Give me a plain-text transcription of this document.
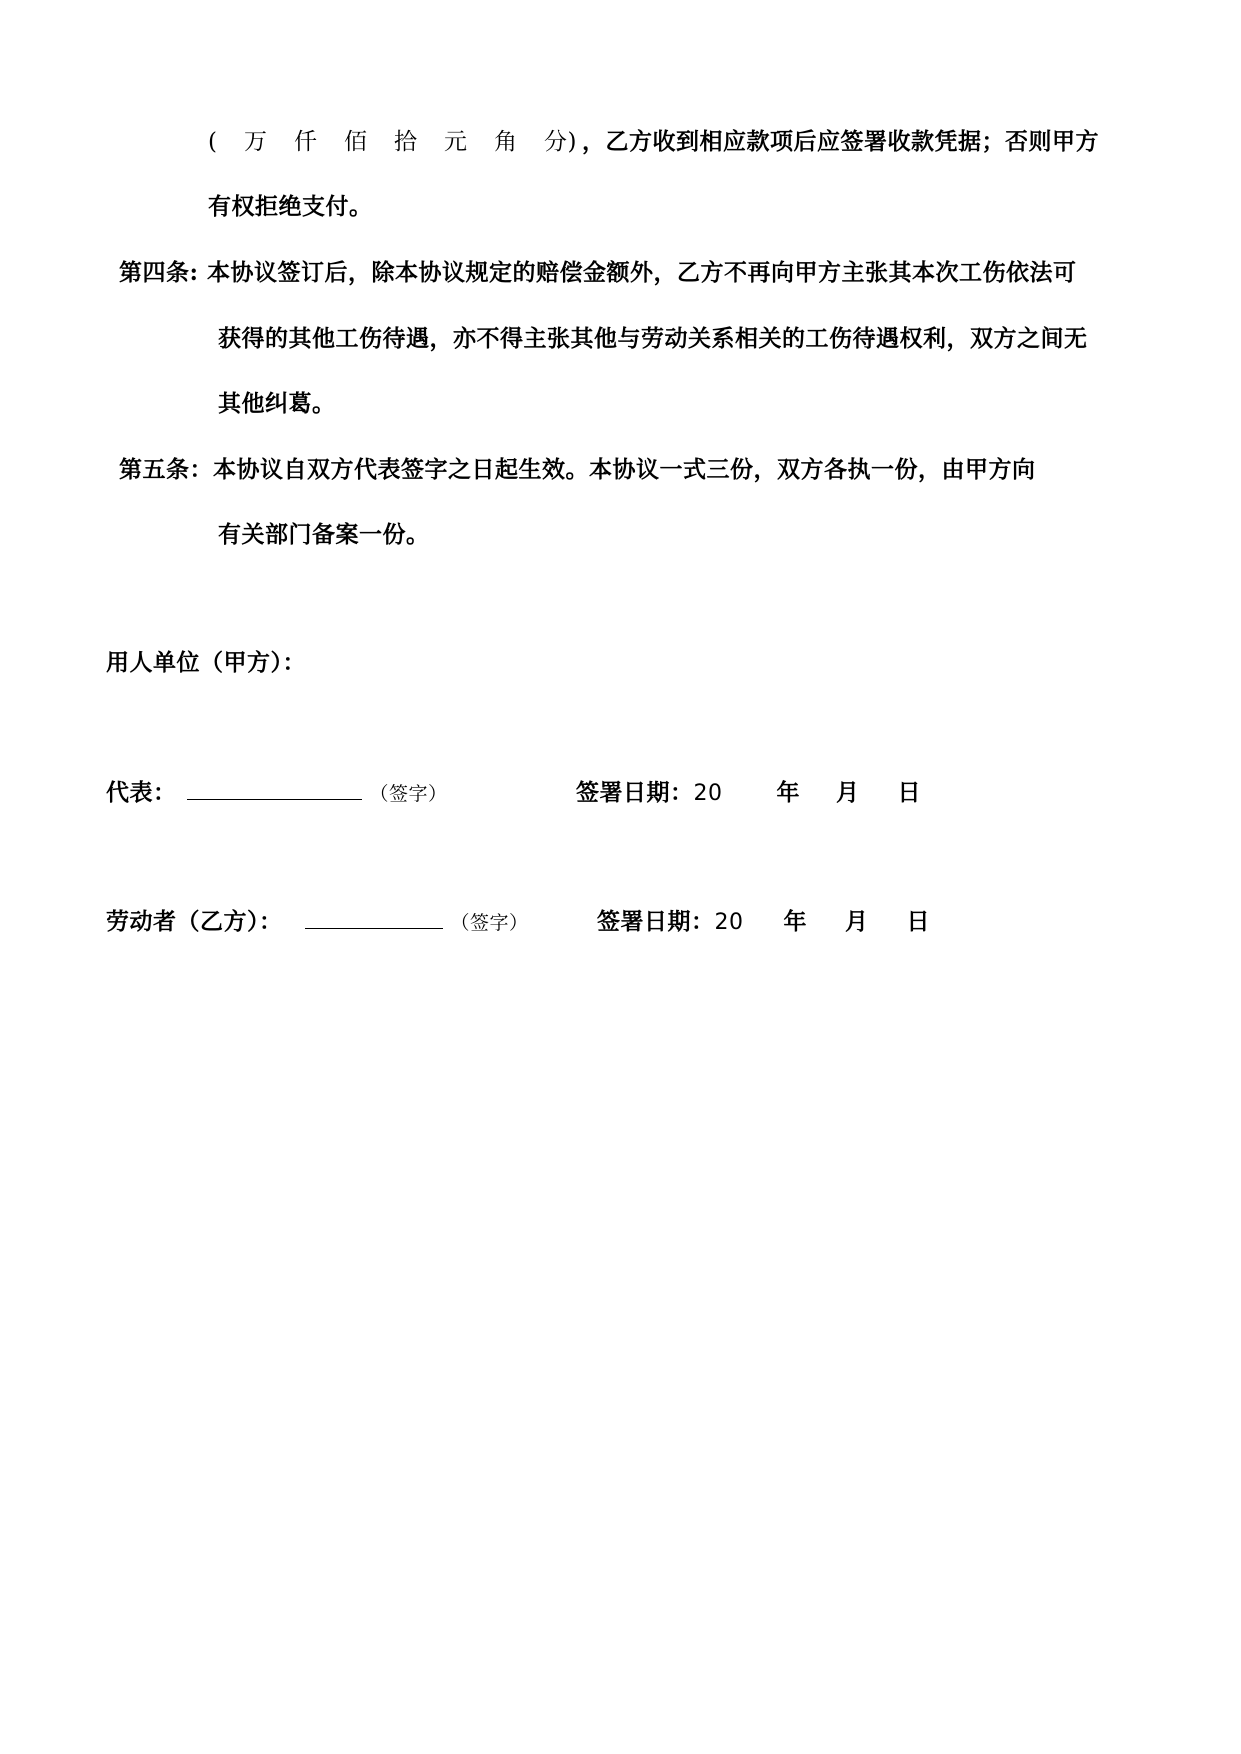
( 万 仟 佰 拾 元 角 分) ，乙方收到相应款项后应签署收款凭据；否则甲方
有权拒绝支付。
第四条: 本协议签订后，除本协议规定的赔偿金额外，乙方不再向甲方主张其本次工伤依法可
获得的其他工伤待遇，亦不得主张其他与劳动关系相关的工伤待遇权利，双方之间无
其他纠葛。
第五条：本协议自双方代表签字之日起生效。本协议一式三份，双方各执一份，由甲方向
有关部门备案一份。
用人单位（甲方）：
代表：	（签字）	签署日期：20 年 月 日
劳动者（乙方）：	（签字）	签署日期：20 年 月 日
